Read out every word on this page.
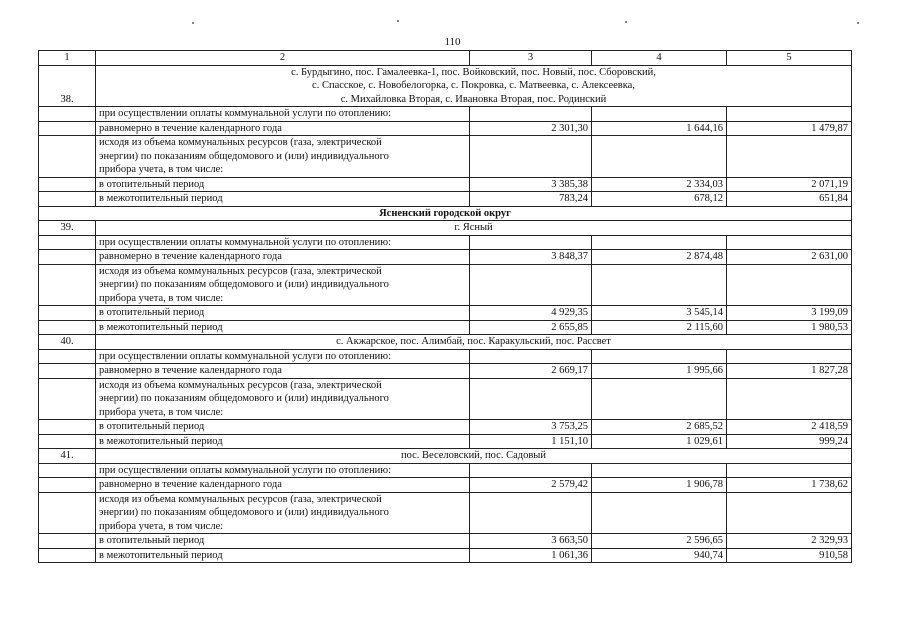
110
1	2	3	4	5
38.	с. Бурдыгино, пос. Гамалеевка-1, пос. Войковский, пос. Новый, пос. Сборовский,
с. Спасское, с. Новобелогорка, с. Покровка, с. Матвеевка, с. Алексеевка,
с. Михайловка Вторая, с. Ивановка Вторая, пос. Родинский			
	при осуществлении оплаты коммунальной услуги по отоплению:			
	равномерно в течение календарного года	2 301,30	1 644,16	1 479,87
	исходя из объема коммунальных ресурсов (газа, электрической
энергии) по показаниям общедомового и (или) индивидуального
прибора учета, в том числе:			
	в отопительный период	3 385,38	2 334,03	2 071,19
	в межотопительный период	783,24	678,12	651,84
Ясненский городской округ				
39.	г. Ясный			
	при осуществлении оплаты коммунальной услуги по отоплению:			
	равномерно в течение календарного года	3 848,37	2 874,48	2 631,00
	исходя из объема коммунальных ресурсов (газа, электрической
энергии) по показаниям общедомового и (или) индивидуального
прибора учета, в том числе:			
	в отопительный период	4 929,35	3 545,14	3 199,09
	в межотопительный период	2 655,85	2 115,60	1 980,53
40.	с. Акжарское, пос. Алимбай, пос. Каракульский, пос. Рассвет			
	при осуществлении оплаты коммунальной услуги по отоплению:			
	равномерно в течение календарного года	2 669,17	1 995,66	1 827,28
	исходя из объема коммунальных ресурсов (газа, электрической
энергии) по показаниям общедомового и (или) индивидуального
прибора учета, в том числе:			
	в отопительный период	3 753,25	2 685,52	2 418,59
	в межотопительный период	1 151,10	1 029,61	999,24
41.	пос. Веселовский, пос. Садовый			
	при осуществлении оплаты коммунальной услуги по отоплению:			
	равномерно в течение календарного года	2 579,42	1 906,78	1 738,62
	исходя из объема коммунальных ресурсов (газа, электрической
энергии) по показаниям общедомового и (или) индивидуального
прибора учета, в том числе:			
	в отопительный период	3 663,50	2 596,65	2 329,93
	в межотопительный период	1 061,36	940,74	910,58
